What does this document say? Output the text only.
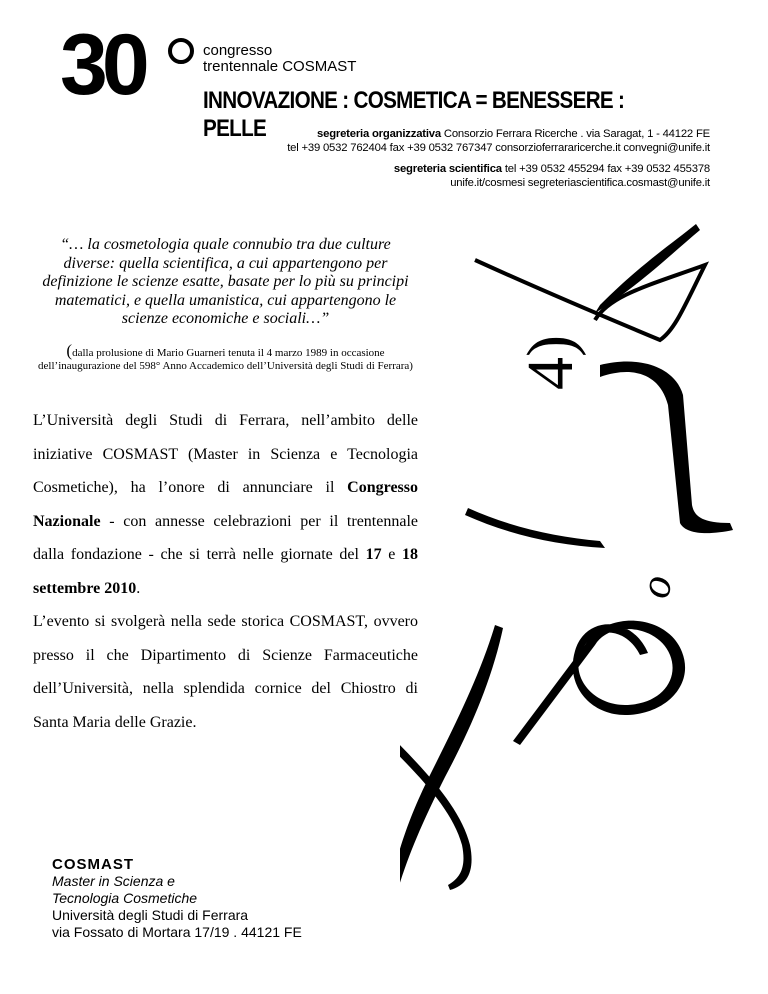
30	congresso
trentennale COSMAST
INNOVAZIONE : COSMETICA = BENESSERE : PELLE	segreteria organizzativa Consorzio Ferrara Ricerche . via Saragat, 1 - 44122 FE
tel +39 0532 762404 fax +39 0532 767347 consorzioferrararicerche.it convegni@unife.it
segreteria scientifica tel +39 0532 455294 fax +39 0532 455378
unife.it/cosmesi segreteriascientifica.cosmast@unife.it
“… la cosmetologia quale connubio tra due culture diverse: quella scientifica, a cui appartengono per definizione le scienze esatte, basate per lo più su principi matematici, e quella umanistica, cui appartengono le scienze economiche e sociali…”
(dalla prolusione di Mario Guarneri tenuta il 4 marzo 1989 in occasione dell’inaugurazione del 598° Anno Accademico dell’Università degli Studi di Ferrara)

L’Università degli Studi di Ferrara, nell’ambito delle iniziative COSMAST (Master in Scienza e Tecnologia Cosmetiche), ha l’onore di annunciare il Congresso Nazionale - con annesse celebrazioni per il trentennale dalla fondazione - che si terrà nelle giornate del 17 e 18 settembre 2010.

L’evento si svolgerà nella sede storica COSMAST, ovvero presso il che Dipartimento di Scienze Farmaceutiche dell’Università, nella splendida cornice del Chiostro di Santa Maria delle Grazie.

4)
o
COSMAST
Master in Scienza e
Tecnologia Cosmetiche
Università degli Studi di Ferrara
via Fossato di Mortara 17/19 . 44121 FE
